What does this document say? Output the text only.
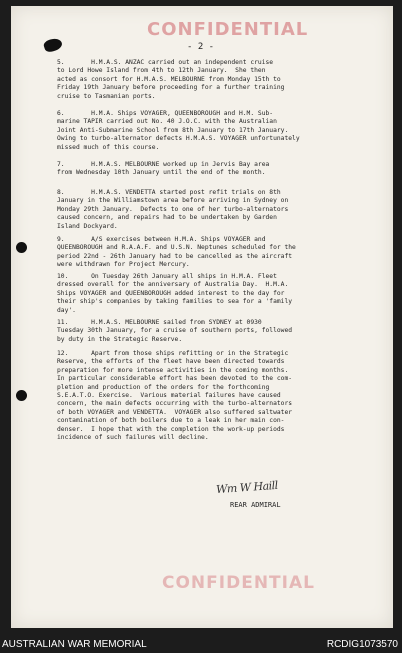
CONFIDENTIAL
- 2 -
5.       H.M.A.S. ANZAC carried out an independent cruise
to Lord Howe Island from 4th to 12th January.  She then
acted as consort for H.M.A.S. MELBOURNE from Monday 15th to
Friday 19th January before proceeding for a further training
cruise to Tasmanian ports.
6.       H.M.A. Ships VOYAGER, QUEENBOROUGH and H.M. Sub-
marine TAPIR carried out No. 40 J.O.C. with the Australian
Joint Anti-Submarine School from 8th January to 17th January.
Owing to turbo-alternator defects H.M.A.S. VOYAGER unfortunately
missed much of this course.
7.       H.M.A.S. MELBOURNE worked up in Jervis Bay area
from Wednesday 10th January until the end of the month.
8.       H.M.A.S. VENDETTA started post refit trials on 8th
January in the Williamstown area before arriving in Sydney on
Monday 29th January.  Defects to one of her turbo-alternators
caused concern, and repairs had to be undertaken by Garden
Island Dockyard.
9.       A/S exercises between H.M.A. Ships VOYAGER and
QUEENBOROUGH and R.A.A.F. and U.S.N. Neptunes scheduled for the
period 22nd - 26th January had to be cancelled as the aircraft
were withdrawn for Project Mercury.
10.      On Tuesday 26th January all ships in H.M.A. Fleet
dressed overall for the anniversary of Australia Day.  H.M.A.
Ships VOYAGER and QUEENBOROUGH added interest to the day for
their ship's companies by taking families to sea for a 'family
day'.
11.      H.M.A.S. MELBOURNE sailed from SYDNEY at 0930
Tuesday 30th January, for a cruise of southern ports, followed
by duty in the Strategic Reserve.
12.      Apart from those ships refitting or in the Strategic
Reserve, the efforts of the fleet have been directed towards
preparation for more intense activities in the coming months.
In particular considerable effort has been devoted to the com-
pletion and production of the orders for the forthcoming
S.E.A.T.O. Exercise.  Various material failures have caused
concern, the main defects occurring with the turbo-alternators
of both VOYAGER and VENDETTA.  VOYAGER also suffered saltwater
contamination of both boilers due to a leak in her main con-
denser.  I hope that with the completion the work-up periods
incidence of such failures will decline.
Wm W Haill
REAR ADMIRAL
CONFIDENTIAL
AUSTRALIAN WAR MEMORIAL	RCDIG1073570
